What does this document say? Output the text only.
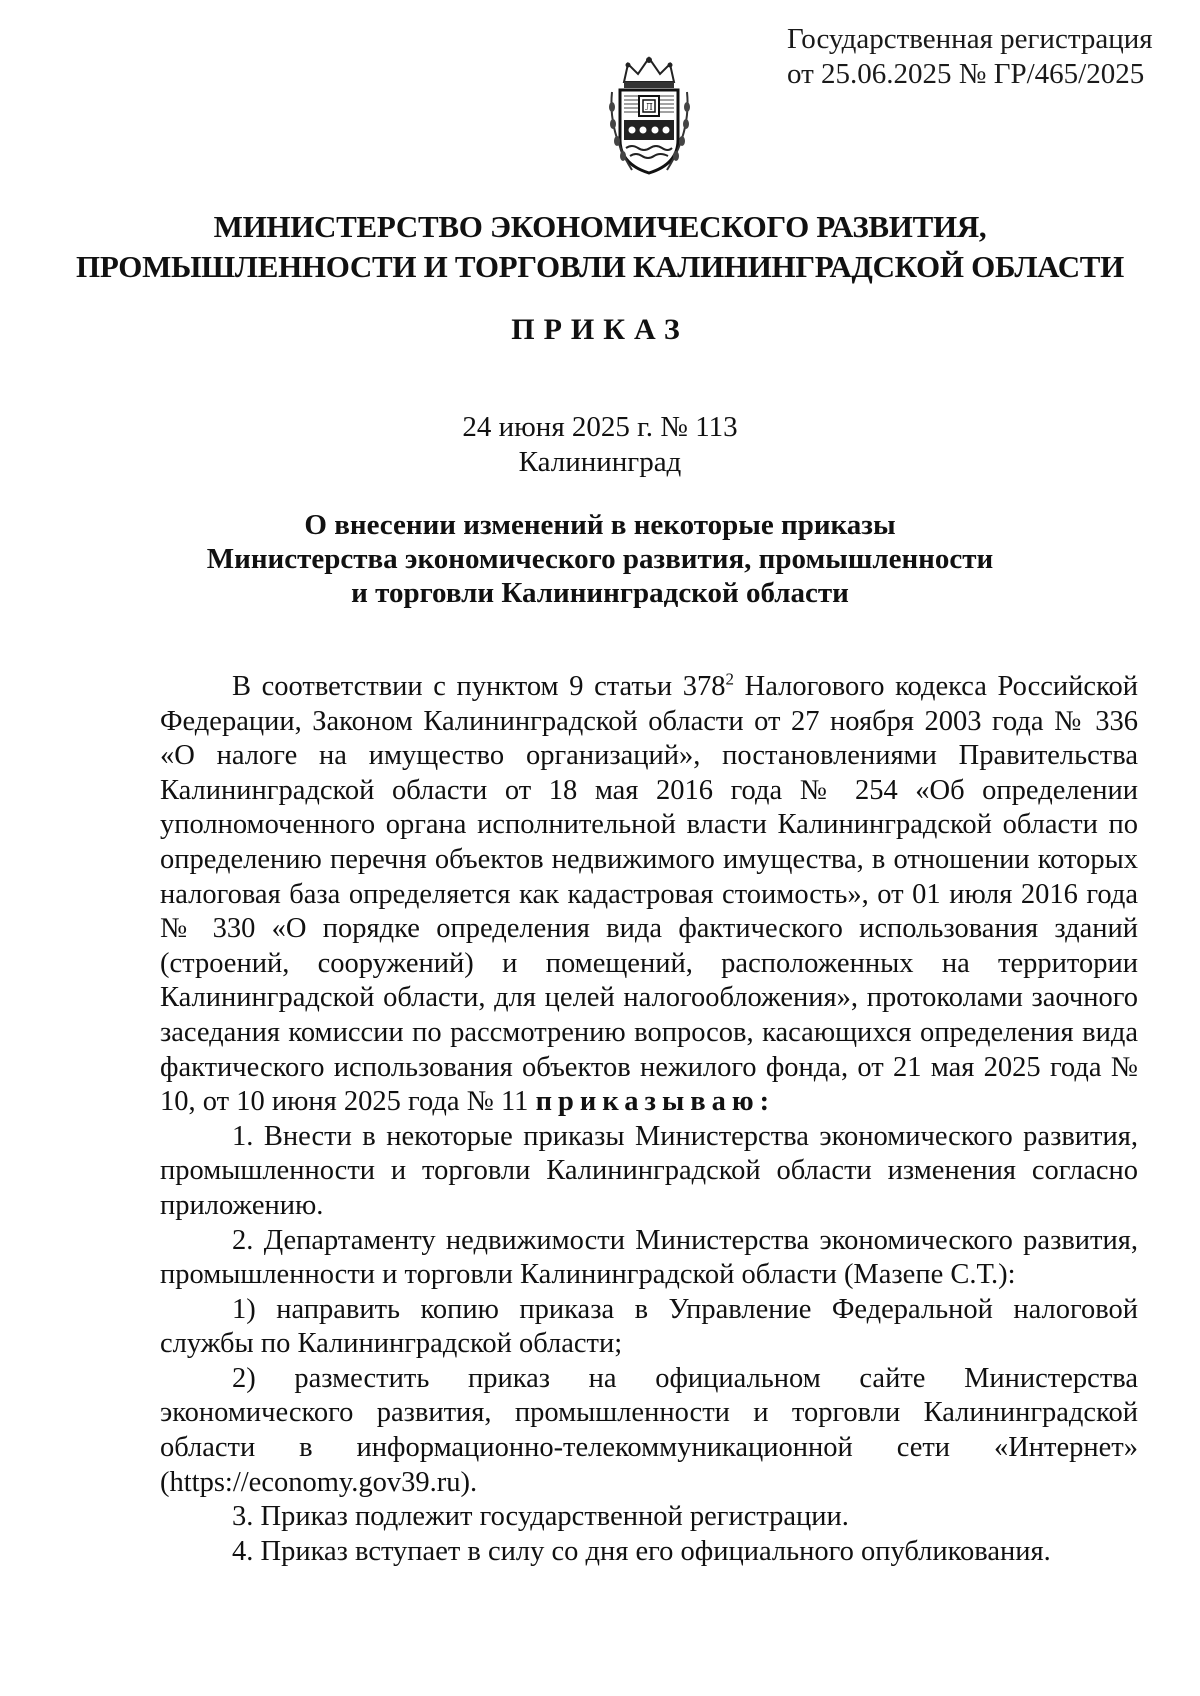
Государственная регистрация
от 25.06.2025 № ГР/465/2025
Л
МИНИСТЕРСТВО ЭКОНОМИЧЕСКОГО РАЗВИТИЯ,
ПРОМЫШЛЕННОСТИ И ТОРГОВЛИ КАЛИНИНГРАДСКОЙ ОБЛАСТИ
ПРИКАЗ
24 июня 2025 г. № 113
Калининград
О внесении изменений в некоторые приказы
Министерства экономического развития, промышленности
и торговли Калининградской области

В соответствии с пунктом 9 статьи $378^2$ Налогового кодекса Российской Федерации, Законом Калининградской области от 27 ноября 2003 года № 336 «О налоге на имущество организаций», постановлениями Правительства Калининградской области от 18 мая 2016 года № 254 «Об определении уполномоченного органа исполнительной власти Калининградской области по определению перечня объектов недвижимого имущества, в отношении которых налоговая база определяется как кадастровая стоимость», от 01 июля 2016 года № 330 «О порядке определения вида фактического использования зданий (строений, сооружений) и помещений, расположенных на территории Калининградской области, для целей налогообложения», протоколами заочного заседания комиссии по рассмотрению вопросов, касающихся определения вида фактического использования объектов нежилого фонда, от 21 мая 2025 года № 10, от 10 июня 2025 года № 11 приказываю:

1. Внести в некоторые приказы Министерства экономического развития, промышленности и торговли Калининградской области изменения согласно приложению.

2. Департаменту недвижимости Министерства экономического развития, промышленности и торговли Калининградской области (Мазепе С.Т.):

1) направить копию приказа в Управление Федеральной налоговой службы по Калининградской области;

2) разместить приказ на официальном сайте Министерства экономического развития, промышленности и торговли Калининградской области в информационно-телекоммуникационной сети «Интернет» (https://economy.gov39.ru).

3. Приказ подлежит государственной регистрации.

4. Приказ вступает в силу со дня его официального опубликования.
